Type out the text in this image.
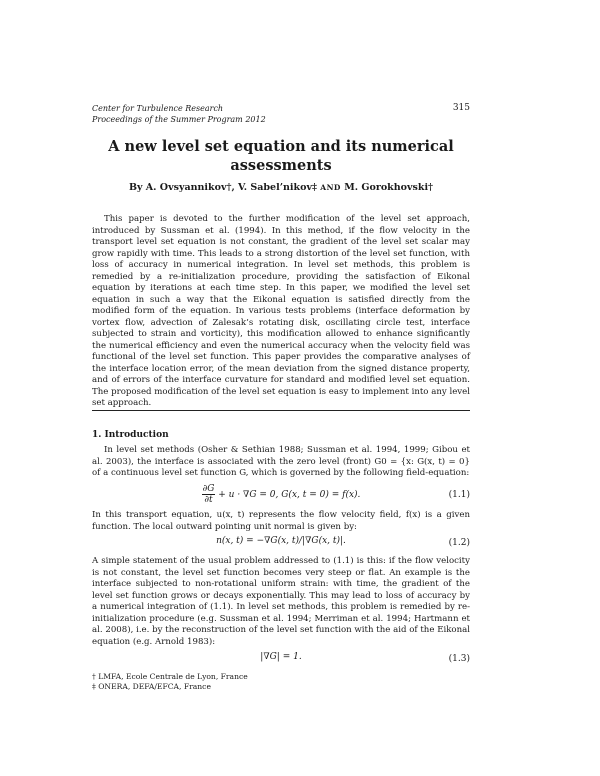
Center for Turbulence Research
Proceedings of the Summer Program 2012
315
A new level set equation and its numerical
assessments
By A. Ovsyannikov†, V. Sabel’nikov‡ AND M. Gorokhovski†

This paper is devoted to the further modification of the level set approach, introduced by Sussman et al. (1994). In this method, if the flow velocity in the transport level set equation is not constant, the gradient of the level set scalar may grow rapidly with time. This leads to a strong distortion of the level set function, with loss of accuracy in numerical integration. In level set methods, this problem is remedied by a re-initialization procedure, providing the satisfaction of Eikonal equation by iterations at each time step. In this paper, we modified the level set equation in such a way that the Eikonal equation is satisfied directly from the modified form of the equation. In various tests problems (interface deformation by vortex flow, advection of Zalesak’s rotating disk, oscillating circle test, interface subjected to strain and vorticity), this modification allowed to enhance significantly the numerical efficiency and even the numerical accuracy when the velocity field was functional of the level set function. This paper provides the comparative analyses of the interface location error, of the mean deviation from the signed distance property, and of errors of the interface curvature for standard and modified level set equation. The proposed modification of the level set equation is easy to implement into any level set approach.

1. Introduction

In level set methods (Osher & Sethian 1988; Sussman et al. 1994, 1999; Gibou et al. 2003), the interface is associated with the zero level (front) G0 = {x: G(x, t) = 0} of a continuous level set function G, which is governed by the following field-equation:

$\frac{\partial G}{\partial t} + u \cdot \nabla G = 0$, G(x, t = 0) = f(x).	(1.1)

In this transport equation, u(x, t) represents the flow velocity field, f(x) is a given function. The local outward pointing unit normal is given by:

n(x, t) = −∇G(x, t)/|∇G(x, t)|.	(1.2)

A simple statement of the usual problem addressed to (1.1) is this: if the flow velocity is not constant, the level set function becomes very steep or flat. An example is the interface subjected to non-rotational uniform strain: with time, the gradient of the level set function grows or decays exponentially. This may lead to loss of accuracy by a numerical integration of (1.1). In level set methods, this problem is remedied by re-initialization procedure (e.g. Sussman et al. 1994; Merriman et al. 1994; Hartmann et al. 2008), i.e. by the reconstruction of the level set function with the aid of the Eikonal equation (e.g. Arnold 1983):

|∇G| = 1.	(1.3)
† LMFA, Ecole Centrale de Lyon, France
‡ ONERA, DEFA/EFCA, France
